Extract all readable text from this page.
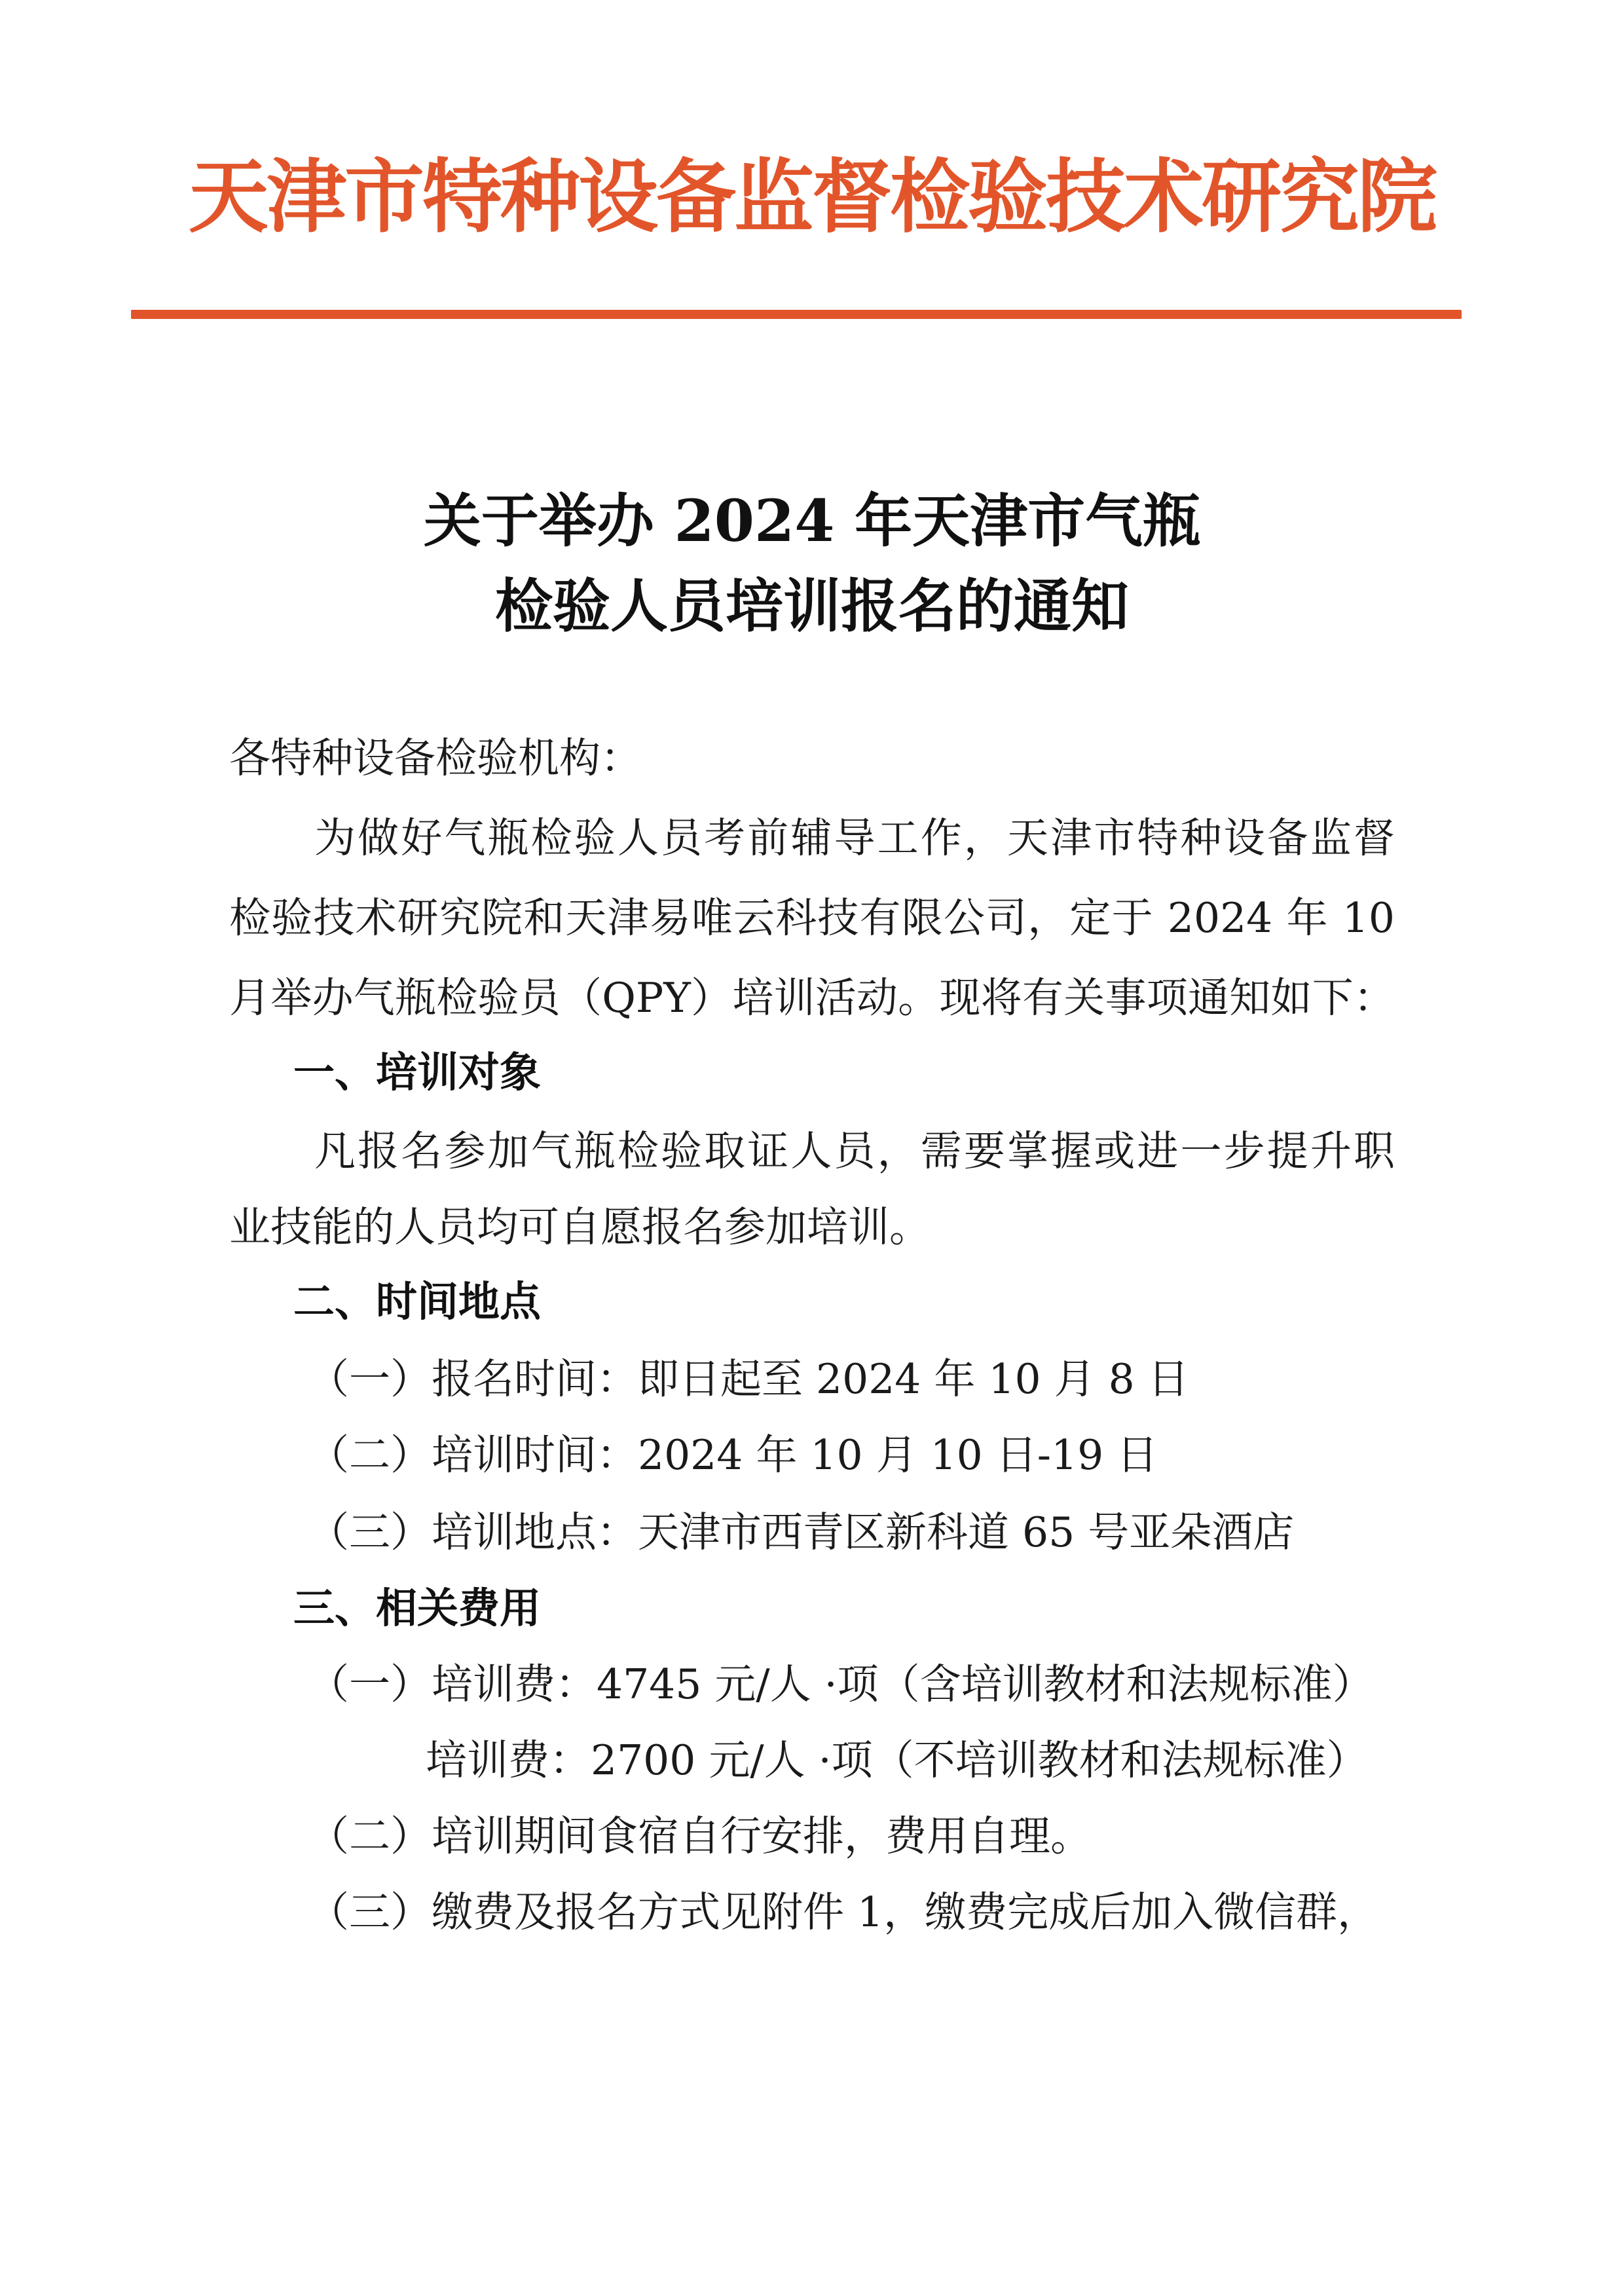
天津市特种设备监督检验技术研究院
关于举办 2024 年天津市气瓶
检验人员培训报名的通知
各特种设备检验机构：
为做好气瓶检验人员考前辅导工作，天津市特种设备监督
检验技术研究院和天津易唯云科技有限公司，定于 2024 年 10
月举办气瓶检验员（QPY）培训活动。现将有关事项通知如下：
一、培训对象
凡报名参加气瓶检验取证人员，需要掌握或进一步提升职
业技能的人员均可自愿报名参加培训。
二、时间地点
（一）报名时间：即日起至 2024 年 10 月 8 日
（二）培训时间：2024 年 10 月 10 日-19 日
（三）培训地点：天津市西青区新科道 65 号亚朵酒店
三、相关费用
（一）培训费：4745 元/人 ·项（含培训教材和法规标准）
培训费：2700 元/人 ·项（不培训教材和法规标准）
（二）培训期间食宿自行安排，费用自理。
（三）缴费及报名方式见附件 1，缴费完成后加入微信群，
